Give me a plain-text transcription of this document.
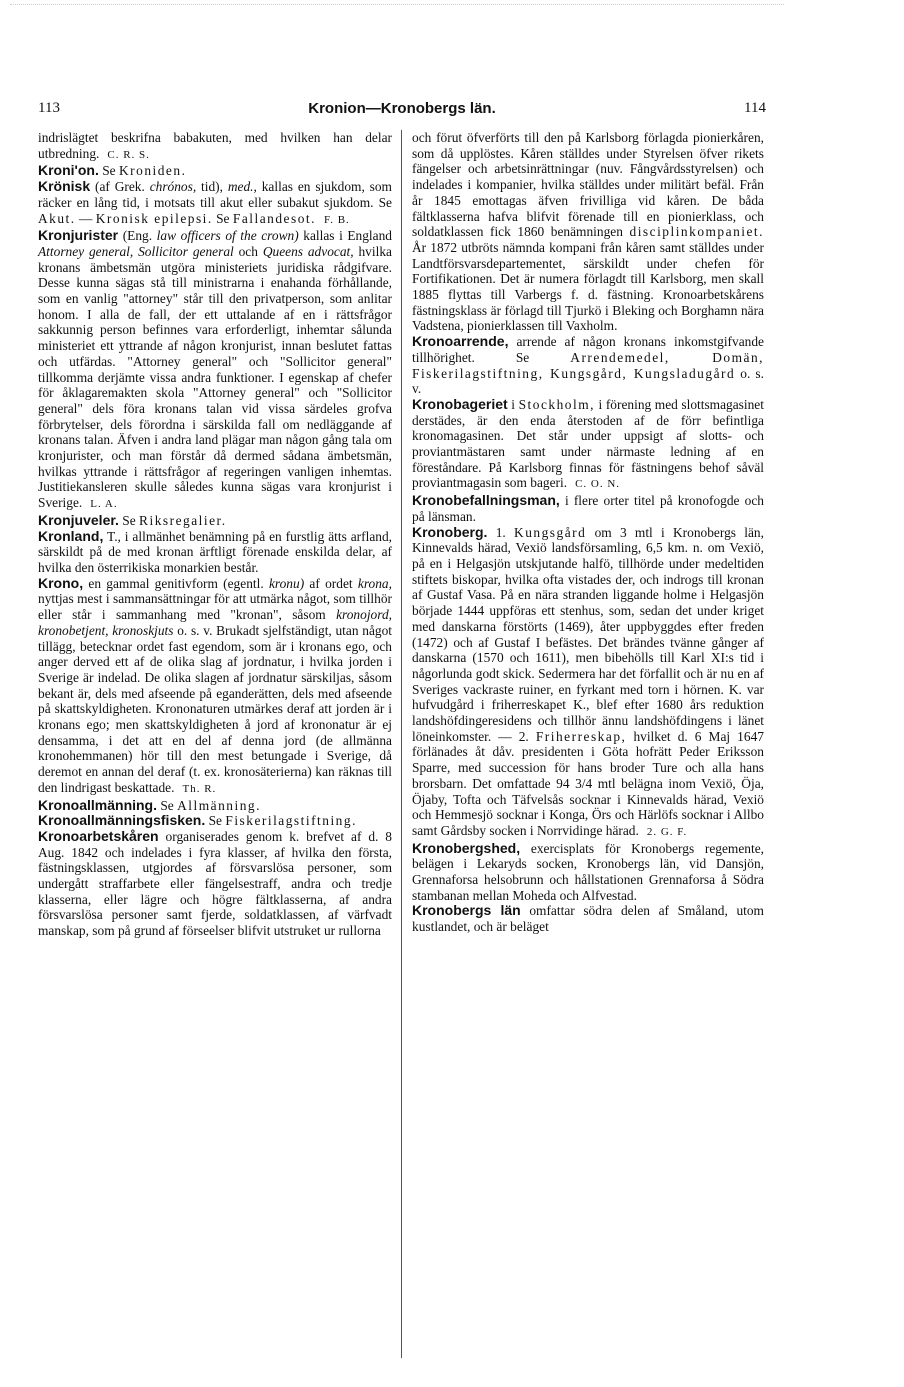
113	Kronion—Kronobergs län.	114

indrislägtet beskrifna babakuten, med hvilken han delar utbredning. C. R. S.

Kroni'on. Se Kroniden.

Krönisk (af Grek. chrónos, tid), med., kallas en sjukdom, som räcker en lång tid, i motsats till akut eller subakut sjukdom. Se Akut. — Kronisk epilepsi. Se Fallandesot. F. B.

Kronjurister (Eng. law officers of the crown) kallas i England Attorney general, Sollicitor general och Queens advocat, hvilka kronans ämbetsmän utgöra ministeriets juridiska rådgifvare. Desse kunna sägas stå till ministrarna i enahanda förhållande, som en vanlig "attorney" står till den privatperson, som anlitar honom. I alla de fall, der ett uttalande af en i rättsfrågor sakkunnig person befinnes vara erforderligt, inhemtar sålunda ministeriet ett yttrande af någon kronjurist, innan beslutet fattas och utfärdas. "Attorney general" och "Sollicitor general" tillkomma derjämte vissa andra funktioner. I egenskap af chefer för åklagaremakten skola "Attorney general" och "Sollicitor general" dels föra kronans talan vid vissa särdeles grofva förbrytelser, dels förordna i särskilda fall om nedläggande af kronans talan. Äfven i andra land plägar man någon gång tala om kronjurister, och man förstår då dermed sådana ämbetsmän, hvilkas yttrande i rättsfrågor af regeringen vanligen inhemtas. Justitiekansleren skulle således kunna sägas vara kronjurist i Sverige. L. A.

Kronjuveler. Se Riksregalier.

Kronland, T., i allmänhet benämning på en furstlig ätts arfland, särskildt på de med kronan ärftligt förenade enskilda delar, af hvilka den österrikiska monarkien består.

Krono, en gammal genitivform (egentl. kronu) af ordet krona, nyttjas mest i sammansättningar för att utmärka något, som tillhör eller står i sammanhang med "kronan", såsom kronojord, kronobetjent, kronoskjuts o. s. v. Brukadt sjelfständigt, utan något tillägg, betecknar ordet fast egendom, som är i kronans ego, och anger derved ett af de olika slag af jordnatur, i hvilka jorden i Sverige är indelad. De olika slagen af jordnatur särskiljas, såsom bekant är, dels med afseende på eganderätten, dels med afseende på skattskyldigheten. Krononaturen utmärkes deraf att jorden är i kronans ego; men skattskyldigheten å jord af krononatur är ej densamma, i det att en del af denna jord (de allmänna kronohemmanen) hör till den mest betungade i Sverige, då deremot en annan del deraf (t. ex. kronosäterierna) kan räknas till den lindrigast beskattade. Th. R.

Kronoallmänning. Se Allmänning.

Kronoallmänningsfisken. Se Fiskerilagstiftning.

Kronoarbetskåren organiserades genom k. brefvet af d. 8 Aug. 1842 och indelades i fyra klasser, af hvilka den första, fästningsklassen, utgjordes af försvarslösa personer, som undergått straffarbete eller fängelsestraff, andra och tredje klasserna, eller lägre och högre fältklasserna, af andra försvarslösa personer samt fjerde, soldatklassen, af värfvadt manskap, som på grund af förseelser blifvit utstruket ur rullorna

och förut öfverförts till den på Karlsborg förlagda pionierkåren, som då upplöstes. Kåren ställdes under Styrelsen öfver rikets fängelser och arbetsinrättningar (nuv. Fångvårdsstyrelsen) och indelades i kompanier, hvilka ställdes under militärt befäl. Från år 1845 emottagas äfven frivilliga vid kåren. De båda fältklasserna hafva blifvit förenade till en pionierklass, och soldatklassen fick 1860 benämningen disciplinkompaniet. År 1872 utbröts nämnda kompani från kåren samt ställdes under Landtförsvarsdepartementet, särskildt under chefen för Fortifikationen. Det är numera förlagdt till Karlsborg, men skall 1885 flyttas till Varbergs f. d. fästning. Kronoarbetskårens fästningsklass är förlagd till Tjurkö i Bleking och Borghamn nära Vadstena, pionierklassen till Vaxholm.

Kronoarrende, arrende af någon kronans inkomstgifvande tillhörighet. Se	Arrendemedel, Domän, Fiskerilagstiftning, Kungsgård, Kungsladugård o. s. v.

Kronobageriet i Stockholm, i förening med slottsmagasinet derstädes, är den enda återstoden af de förr befintliga kronomagasinen. Det står under uppsigt af slotts- och proviantmästaren samt under närmaste ledning af en föreståndare. På Karlsborg finnas för fästningens behof såväl proviantmagasin som bageri. C. O. N.

Kronobefallningsman, i flere orter titel på kronofogde och på länsman.

Kronoberg. 1. Kungsgård om 3 mtl i Kronobergs län, Kinnevalds härad, Vexiö landsförsamling, 6,5 km. n. om Vexiö, på en i Helgasjön utskjutande halfö, tillhörde under medeltiden stiftets biskopar, hvilka ofta vistades der, och indrogs till kronan af Gustaf Vasa. På en nära stranden liggande holme i Helgasjön började 1444 uppföras ett stenhus, som, sedan det under kriget med danskarna förstörts (1469), åter uppbyggdes efter freden (1472) och af Gustaf I befästes. Det brändes tvänne gånger af danskarna (1570 och 1611), men bibehölls till Karl XI:s tid i någorlunda godt skick. Sedermera har det förfallit och är nu en af Sveriges vackraste ruiner, en fyrkant med torn i hörnen. K. var hufvudgård i friherreskapet K., blef efter 1680 års reduktion landshöfdingeresidens och tillhör ännu landshöfdingens i länet löneinkomster. — 2. Friherreskap, hvilket d. 6 Maj 1647 förlänades åt dåv. presidenten i Göta hofrätt Peder Eriksson Sparre, med succession för hans broder Ture och alla hans brorsbarn. Det omfattade 94 3/4 mtl belägna inom Vexiö, Öja, Öjaby, Tofta och Täfvelsås socknar i Kinnevalds härad, Vexiö och Hemmesjö socknar i Konga, Örs och Härlöfs socknar i Allbo samt Gårdsby socken i Norrvidinge härad. 2. G. F.

Kronobergshed, exercisplats för Kronobergs regemente, belägen i Lekaryds socken, Kronobergs län, vid Dansjön, Grennaforsa helsobrunn och hållstationen Grennaforsa å Södra stambanan mellan Moheda och Alfvestad.

Kronobergs län omfattar södra delen af Småland, utom kustlandet, och är beläget
